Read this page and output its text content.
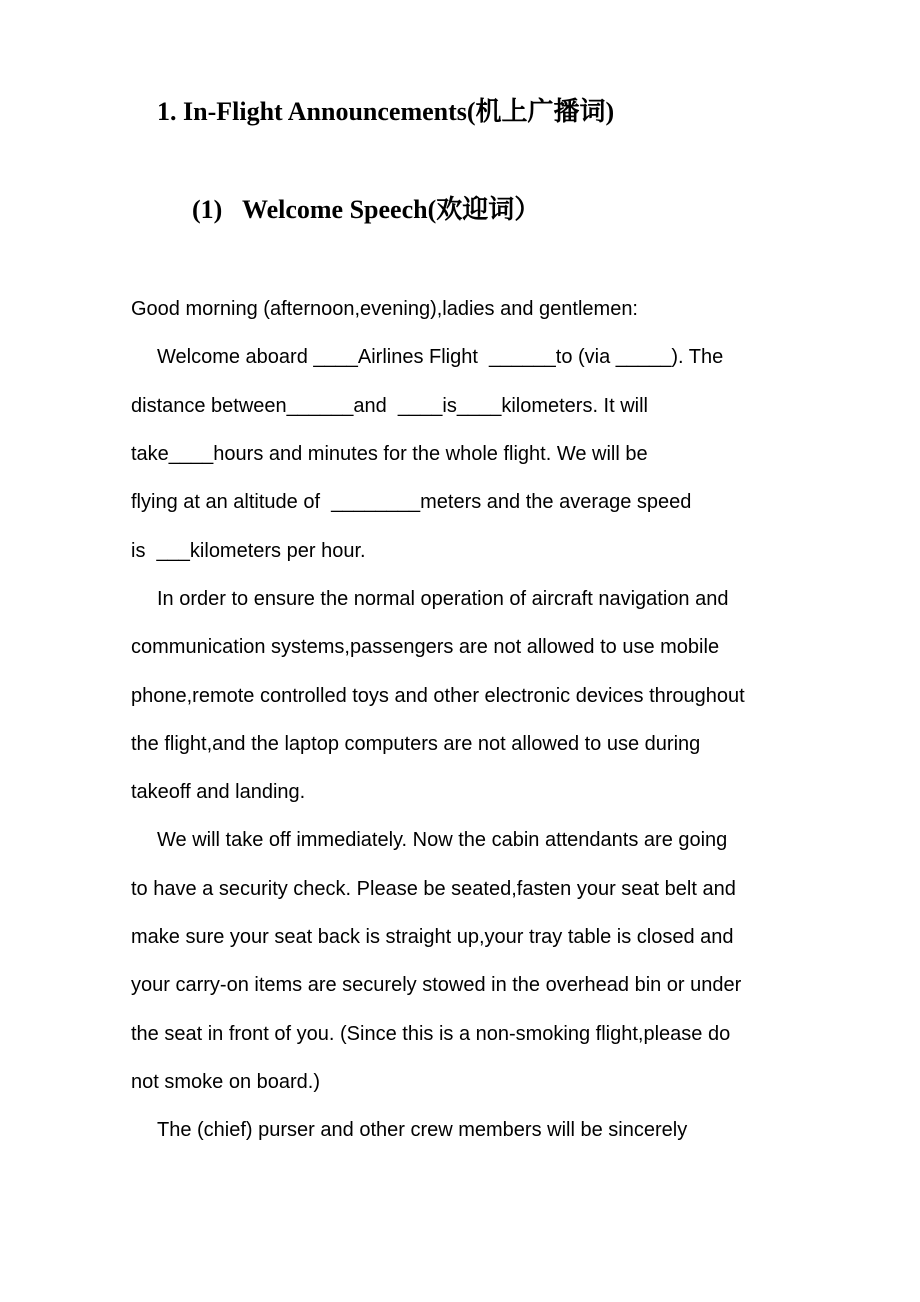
1. In-Flight Announcements(机上广播词)
(1) Welcome Speech(欢迎词）
Good morning (afternoon,evening),ladies and gentlemen:
Welcome aboard ____Airlines Flight  ______to (via _____). The
distance between______and  ____is____kilometers. It will
take____hours and minutes for the whole flight. We will be
flying at an altitude of  ________meters and the average speed
is  ___kilometers per hour.
In order to ensure the normal operation of aircraft navigation and
communication systems,passengers are not allowed to use mobile
phone,remote controlled toys and other electronic devices throughout
the flight,and the laptop computers are not allowed to use during
takeoff and landing.
We will take off immediately. Now the cabin attendants are going
to have a security check. Please be seated,fasten your seat belt and
make sure your seat back is straight up,your tray table is closed and
your carry-on items are securely stowed in the overhead bin or under
the seat in front of you. (Since this is a non-smoking flight,please do
not smoke on board.)
The (chief) purser and other crew members will be sincerely
